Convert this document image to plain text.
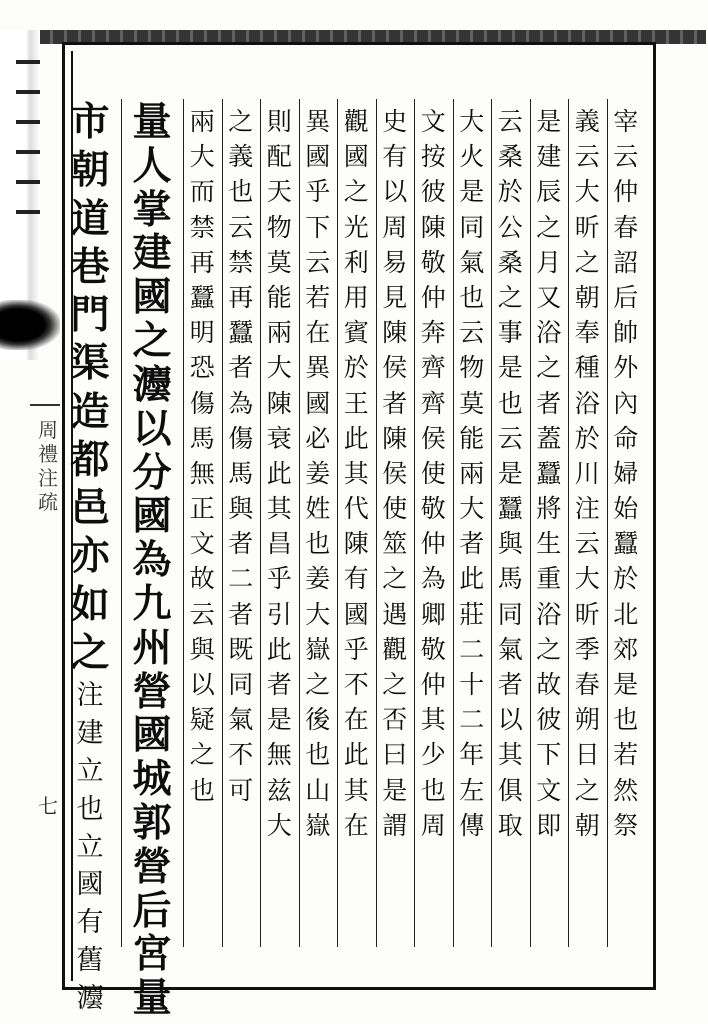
周
禮
注
疏
七
宰
云
仲
春
詔
后
帥
外
內
命
婦
始
蠶
於
北
郊
是
也
若
然
祭
義
云
大
昕
之
朝
奉
種
浴
於
川
注
云
大
昕
季
春
朔
日
之
朝
是
建
辰
之
月
又
浴
之
者
蓋
蠶
將
生
重
浴
之
故
彼
下
文
即
云
桑
於
公
桑
之
事
是
也
云
是
蠶
與
馬
同
氣
者
以
其
俱
取
大
火
是
同
氣
也
云
物
莫
能
兩
大
者
此
莊
二
十
二
年
左
傳
文
按
彼
陳
敬
仲
奔
齊
齊
侯
使
敬
仲
為
卿
敬
仲
其
少
也
周
史
有
以
周
易
見
陳
侯
者
陳
侯
使
筮
之
遇
觀
之
否
曰
是
謂
觀
國
之
光
利
用
賓
於
王
此
其
代
陳
有
國
乎
不
在
此
其
在
異
國
乎
下
云
若
在
異
國
必
姜
姓
也
姜
大
嶽
之
後
也
山
嶽
則
配
天
物
莫
能
兩
大
陳
衰
此
其
昌
乎
引
此
者
是
無
兹
大
之
義
也
云
禁
再
蠶
者
為
傷
馬
與
者
二
者
既
同
氣
不
可
兩
大
而
禁
再
蠶
明
恐
傷
馬
無
正
文
故
云
與
以
疑
之
也
量
人
掌
建
國
之
灋
以
分
國
為
九
州
營
國
城
郭
營
后
宮
量
市
朝
道
巷
門
渠
造
都
邑
亦
如
之
注
建
立
也
立
國
有
舊
灋
